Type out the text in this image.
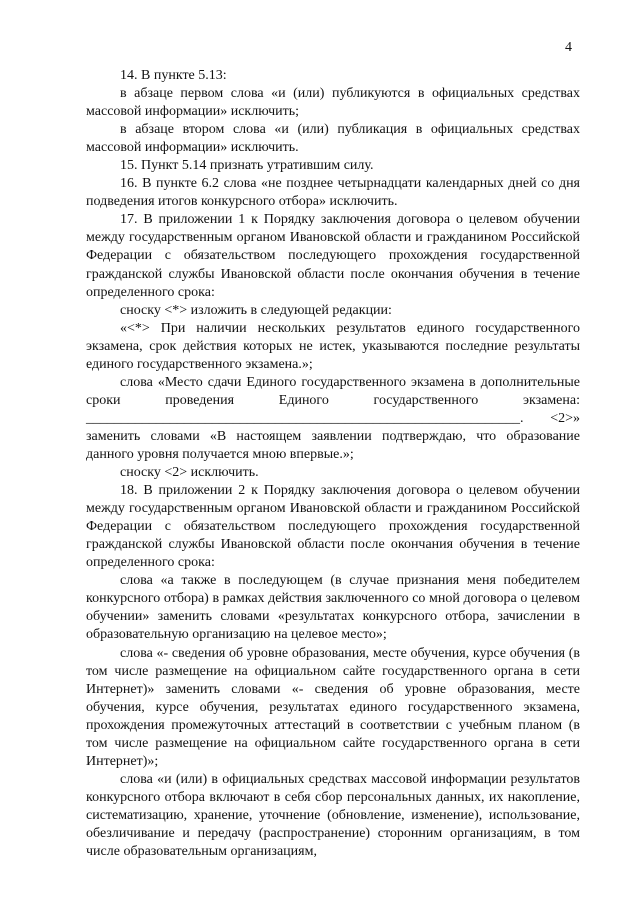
4

14. В пункте 5.13:

в абзаце первом слова «и (или) публикуются в официальных средствах массовой информации» исключить;

в абзаце втором слова «и (или) публикация в официальных средствах массовой информации» исключить.

15. Пункт 5.14 признать утратившим силу.

16. В пункте 6.2 слова «не позднее четырнадцати календарных дней со дня подведения итогов конкурсного отбора» исключить.

17. В приложении 1 к Порядку заключения договора о целевом обучении между государственным органом Ивановской области и гражданином Российской Федерации с обязательством последующего прохождения государственной гражданской службы Ивановской области после окончания обучения в течение определенного срока:

сноску <*> изложить в следующей редакции:

«<*> При наличии нескольких результатов единого государственного экзамена, срок действия которых не истек, указываются последние результаты единого государственного экзамена.»;

слова «Место сдачи Единого государственного экзамена в дополнительные сроки проведения Единого государственного экзамена: ______________________________________________________________. <2>» заменить словами «В настоящем заявлении подтверждаю, что образование данного уровня получается мною впервые.»;

сноску <2> исключить.

18. В приложении 2 к Порядку заключения договора о целевом обучении между государственным органом Ивановской области и гражданином Российской Федерации с обязательством последующего прохождения государственной гражданской службы Ивановской области после окончания обучения в течение определенного срока:

слова «а также в последующем (в случае признания меня победителем конкурсного отбора) в рамках действия заключенного со мной договора о целевом обучении» заменить словами «результатах конкурсного отбора, зачислении в образовательную организацию на целевое место»;

слова «- сведения об уровне образования, месте обучения, курсе обучения (в том числе размещение на официальном сайте государственного органа в сети Интернет)» заменить словами «- сведения об уровне образования, месте обучения, курсе обучения, результатах единого государственного экзамена, прохождения промежуточных аттестаций в соответствии с учебным планом (в том числе размещение на официальном сайте государственного органа в сети Интернет)»;

слова «и (или) в официальных средствах массовой информации результатов конкурсного отбора включают в себя сбор персональных данных, их накопление, систематизацию, хранение, уточнение (обновление, изменение), использование, обезличивание и передачу (распространение) сторонним организациям, в том числе образовательным организациям,
